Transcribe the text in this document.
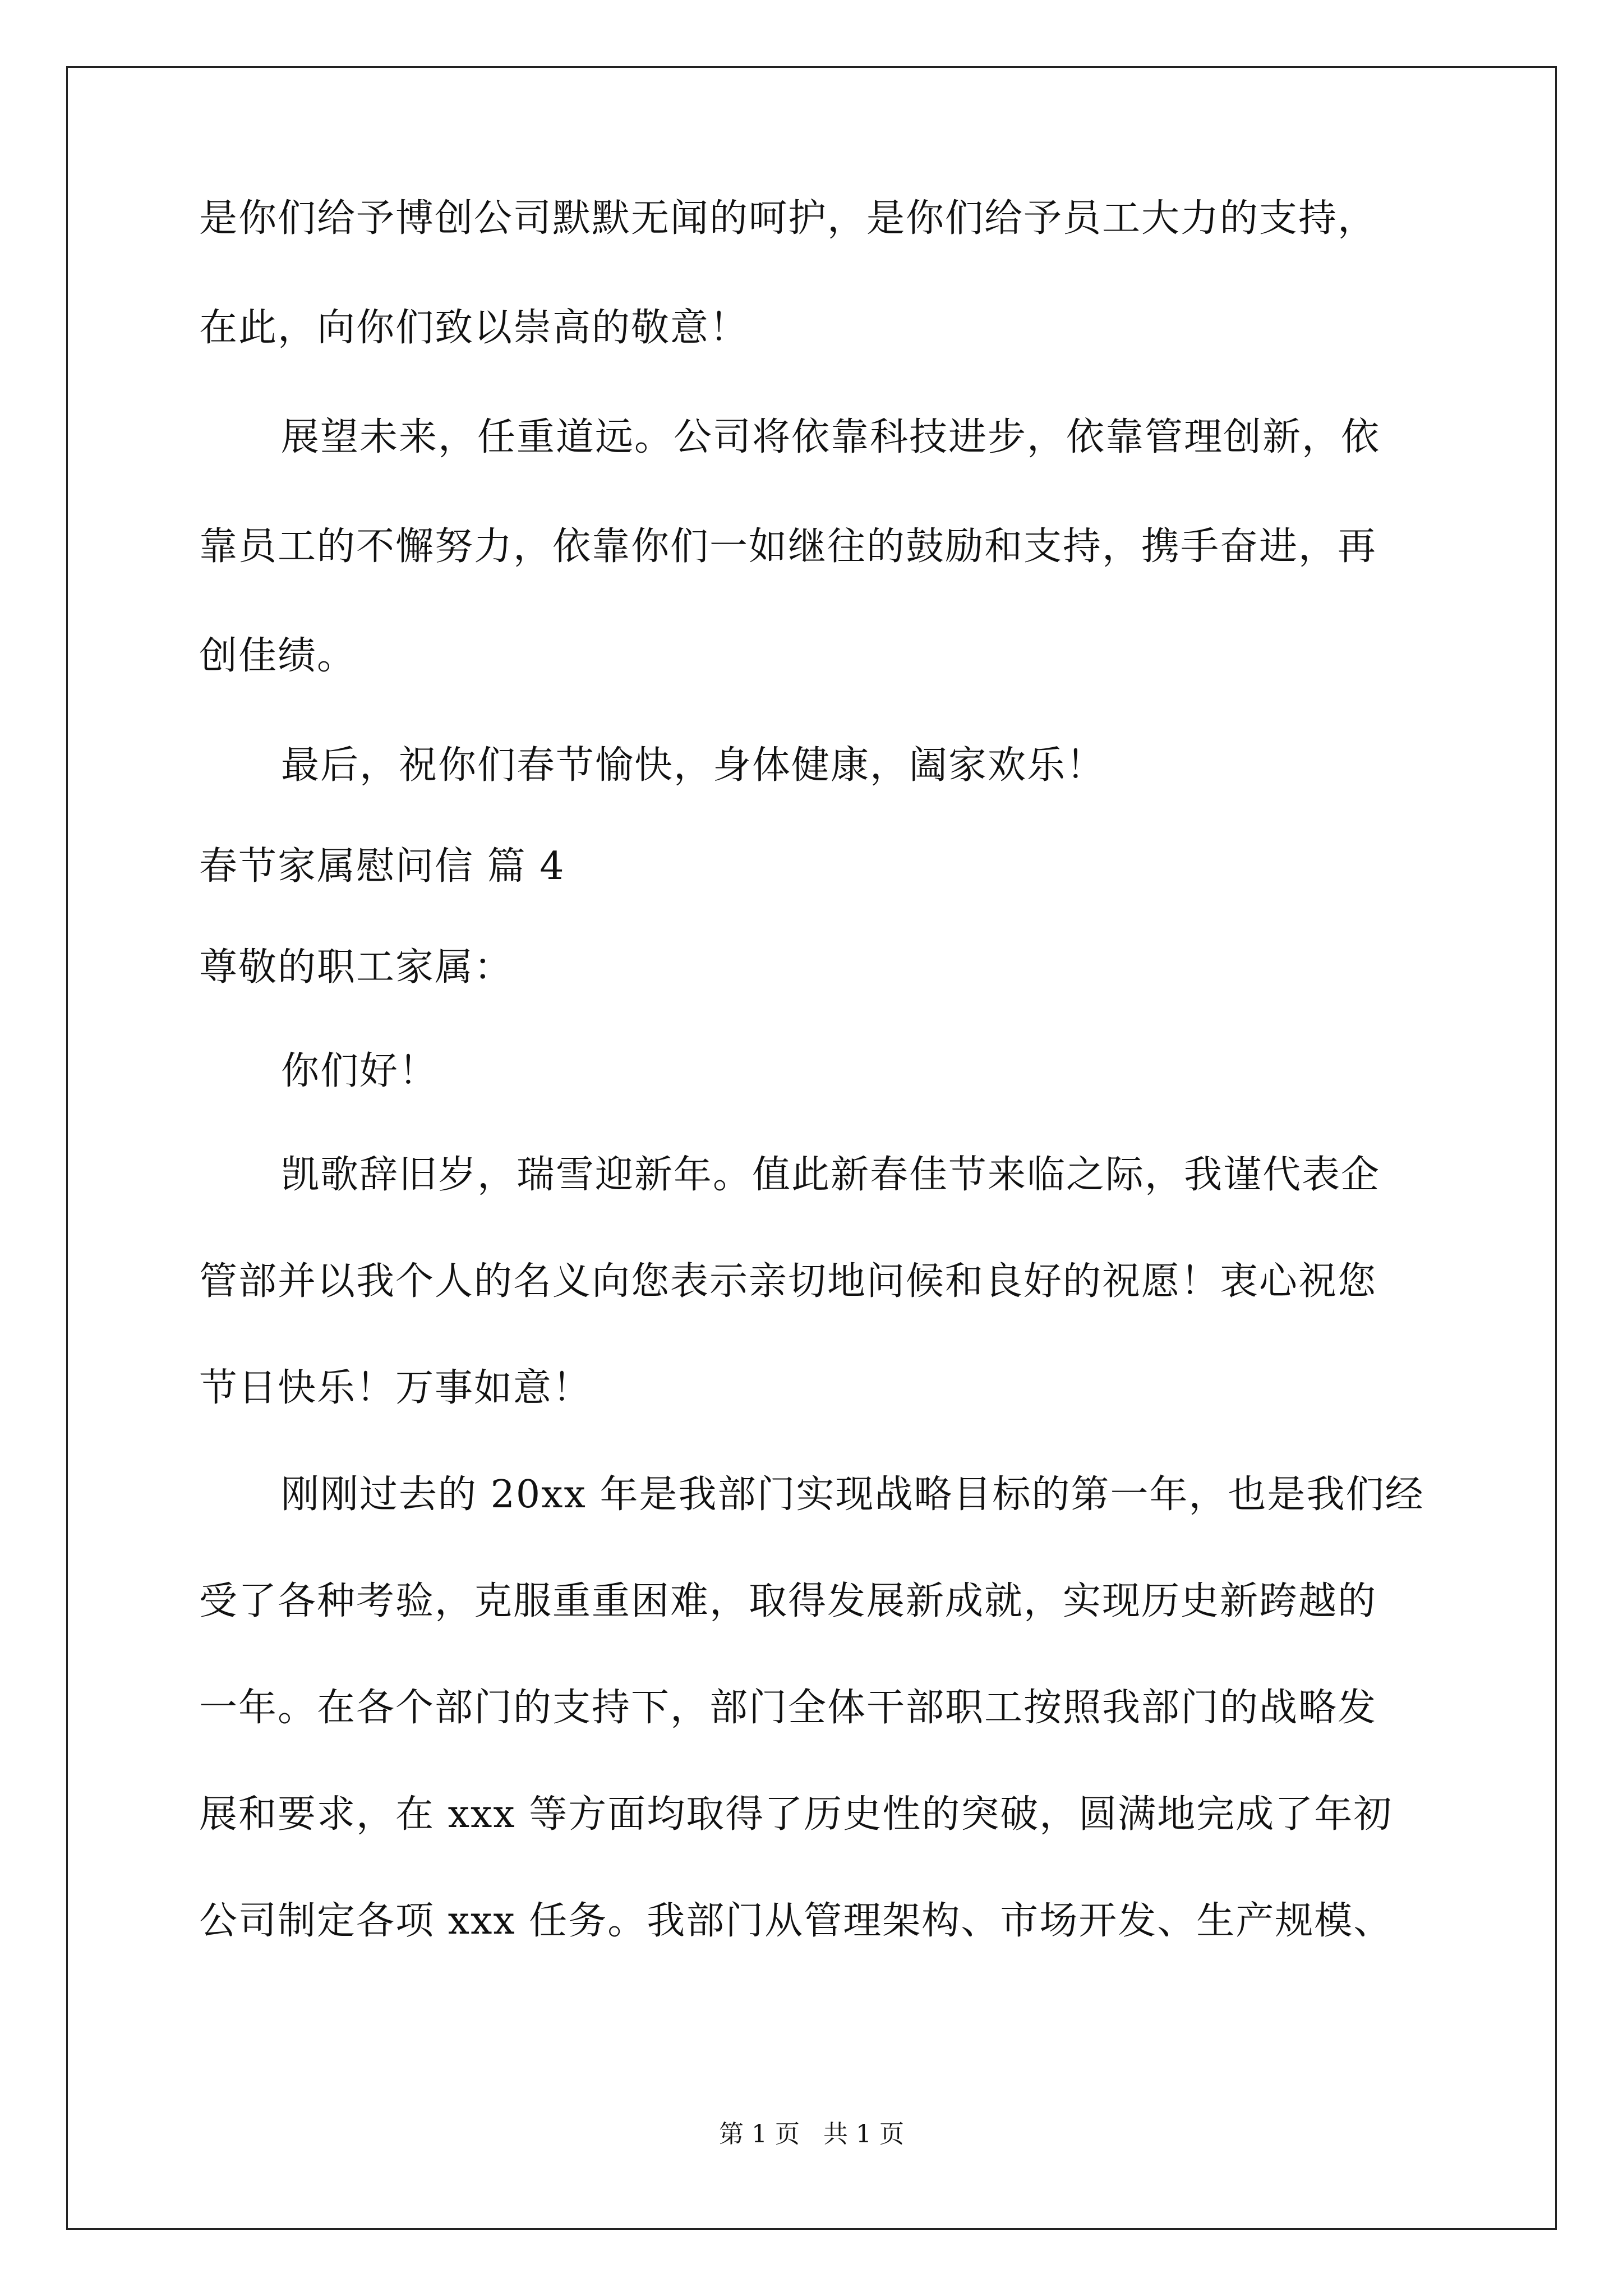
是你们给予博创公司默默无闻的呵护，是你们给予员工大力的支持，
在此，向你们致以崇高的敬意！
展望未来，任重道远。公司将依靠科技进步，依靠管理创新，依
靠员工的不懈努力，依靠你们一如继往的鼓励和支持，携手奋进，再
创佳绩。
最后，祝你们春节愉快，身体健康，阖家欢乐！
春节家属慰问信 篇 4
尊敬的职工家属：
你们好！
凯歌辞旧岁，瑞雪迎新年。值此新春佳节来临之际，我谨代表企
管部并以我个人的名义向您表示亲切地问候和良好的祝愿！衷心祝您
节日快乐！万事如意！
刚刚过去的 20xx 年是我部门实现战略目标的第一年，也是我们经
受了各种考验，克服重重困难，取得发展新成就，实现历史新跨越的
一年。在各个部门的支持下，部门全体干部职工按照我部门的战略发
展和要求，在 xxx 等方面均取得了历史性的突破，圆满地完成了年初
公司制定各项 xxx 任务。我部门从管理架构、市场开发、生产规模、
第 1 页   共 1 页
